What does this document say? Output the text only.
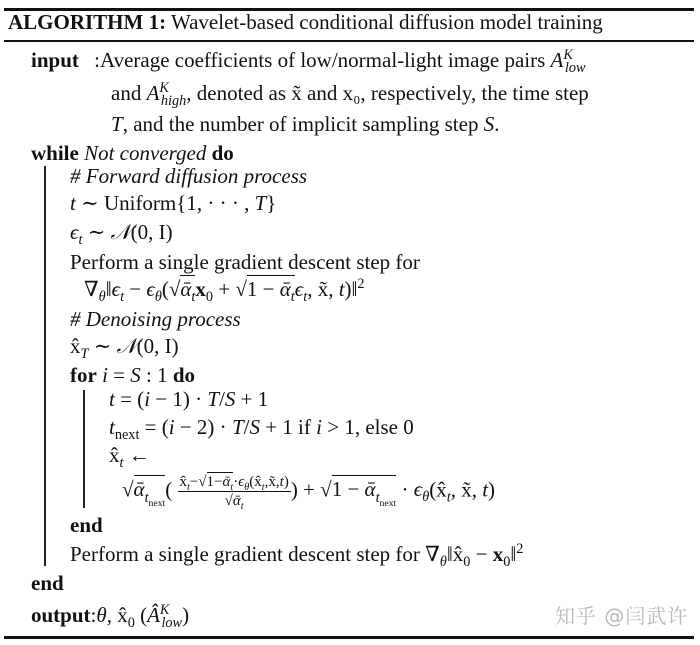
ALGORITHM 1: Wavelet-based conditional diffusion model training
input :Average coefficients of low/normal-light image pairs $A^K_{low}$
and $A^K_{high}$, denoted as x̃ and x₀, respectively, the time step
T, and the number of implicit sampling step S.
while Not converged do
# Forward diffusion process
t ∼ Uniform{1, · · · , T}
$\epsilon_t$ ∼ 𝒩(0, I)
Perform a single gradient descent step for
$\nabla_\theta‖\epsilon_t$ − $\epsilon_\theta(√ᾱ_tx_0 + √1$ − $ᾱ_t\epsilon_t$, x̃, t)‖$^2$
# Denoising process
$x̂_T$ ∼ 𝒩(0, I)
for i = S : 1 do
t = (i − 1) · T/S + 1
$t_{next} = (i - 2) \cdot T/S + 1$ if i > 1, else 0
$x̂_t$ ←
√ᾱ$_{t_{next}}$( $\frac{x̂_t-√1-ᾱ_t\cdot\epsilon_\theta(x̂_t,x̃,t)}{√ᾱ_t}$ ) + √1 − ᾱ$_{t_{next}}$ · $\epsilon_\theta(x̂_t$, x̃, t)
end
Perform a single gradient descent step for $\nabla_\theta‖x̂_0$ − $x_0‖^2$
end
output:θ, $x̂_0$ $(Â^K_{low})$	知乎 @闫武许
